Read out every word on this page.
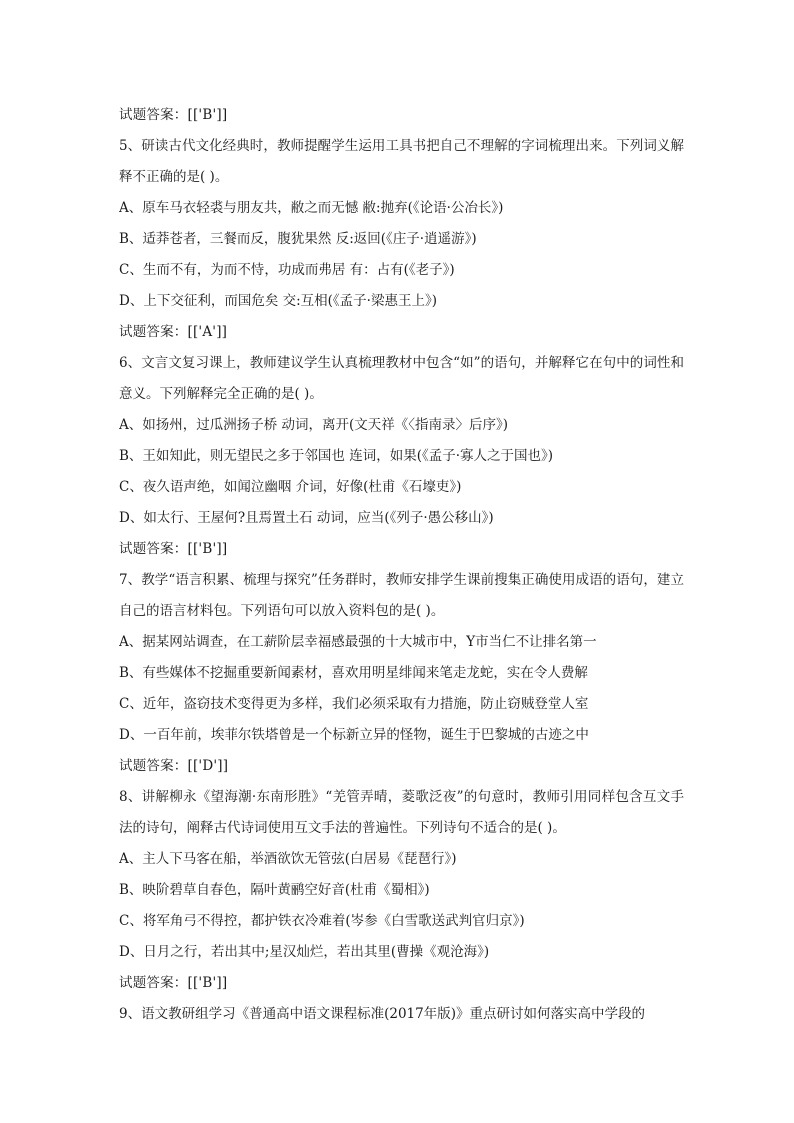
试题答案：[['B']]
5、研读古代文化经典时，教师提醒学生运用工具书把自己不理解的字词梳理出来。下列词义解释不正确的是( )。
A、原车马衣轻裘与朋友共，敝之而无憾 敝:抛弃(《论语·公冶长》)
B、适莽苍者，三餐而反，腹犹果然 反:返回(《庄子·逍遥游》)
C、生而不有，为而不恃，功成而弗居 有：占有(《老子》)
D、上下交征利，而国危矣 交:互相(《孟子·梁惠王上》)
试题答案：[['A']]
6、文言文复习课上，教师建议学生认真梳理教材中包含“如”的语句，并解释它在句中的词性和意义。下列解释完全正确的是( )。
A、如扬州，过瓜洲扬子桥 动词，离开(文天祥《〈指南录〉后序》)
B、王如知此，则无望民之多于邻国也 连词，如果(《孟子·寡人之于国也》)
C、夜久语声绝，如闻泣幽咽 介词，好像(杜甫《石壕吏》)
D、如太行、王屋何?且焉置土石 动词，应当(《列子·愚公移山》)
试题答案：[['B']]
7、教学“语言积累、梳理与探究”任务群时，教师安排学生课前搜集正确使用成语的语句，建立自己的语言材料包。下列语句可以放入资料包的是( )。
A、据某网站调查，在工薪阶层幸福感最强的十大城市中，Y市当仁不让排名第一
B、有些媒体不挖掘重要新闻素材，喜欢用明星绯闻来笔走龙蛇，实在令人费解
C、近年，盗窃技术变得更为多样，我们必须采取有力措施，防止窃贼登堂人室
D、一百年前，埃菲尔铁塔曾是一个标新立异的怪物，诞生于巴黎城的古迹之中
试题答案：[['D']]
8、讲解柳永《望海潮·东南形胜》“羌管弄晴，菱歌泛夜”的句意时，教师引用同样包含互文手法的诗句，阐释古代诗词使用互文手法的普遍性。下列诗句不适合的是( )。
A、主人下马客在船，举酒欲饮无管弦(白居易《琵琶行》)
B、映阶碧草自春色，隔叶黄鹂空好音(杜甫《蜀相》)
C、将军角弓不得控，都护铁衣冷难着(岑参《白雪歌送武判官归京》)
D、日月之行，若出其中;星汉灿烂，若出其里(曹操《观沧海》)
试题答案：[['B']]
9、语文教研组学习《普通高中语文课程标准(2017年版)》重点研讨如何落实高中学段的
